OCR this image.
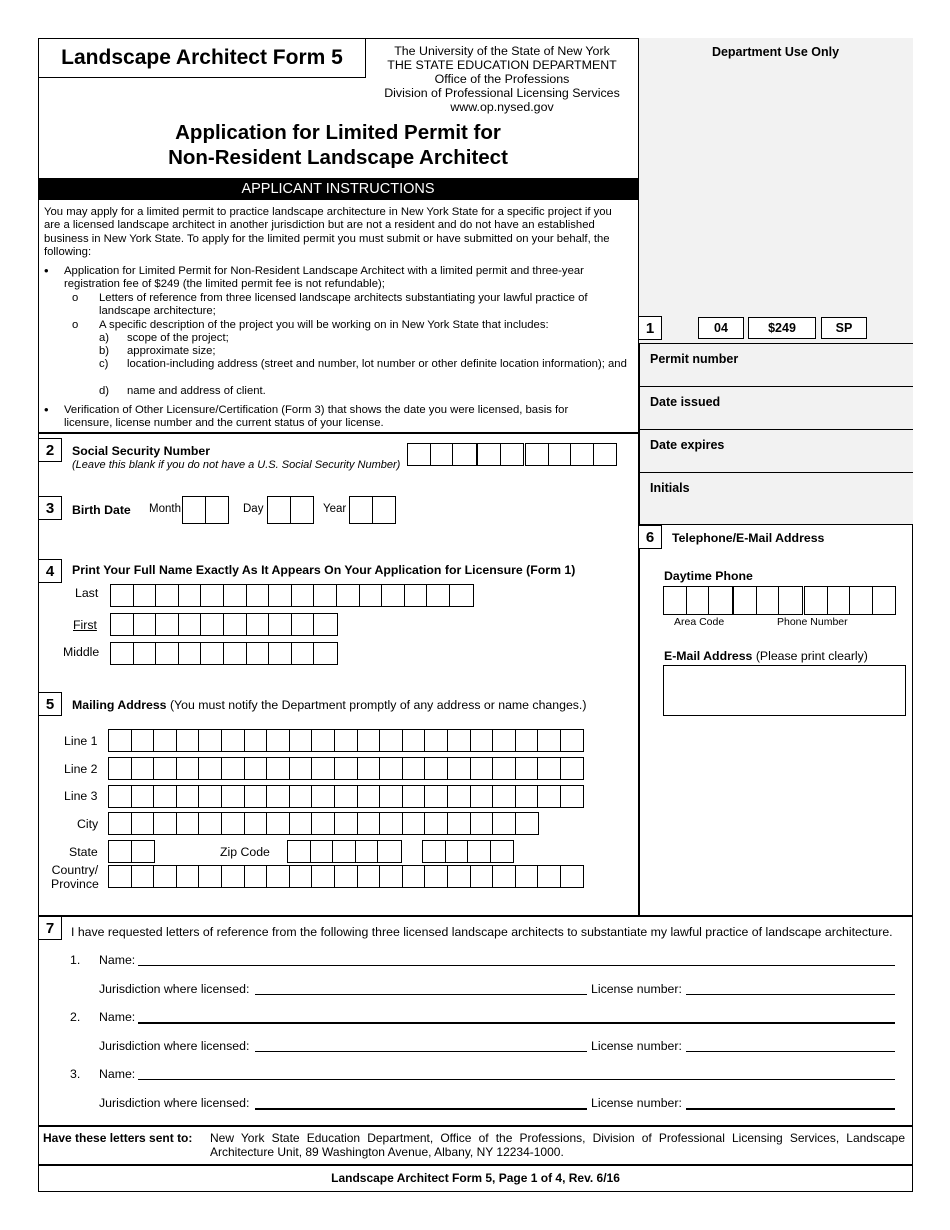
Department Use Only
Landscape Architect Form 5	The University of the State of New York
THE STATE EDUCATION DEPARTMENT
Office of the Professions
Division of Professional Licensing Services
www.op.nysed.gov
Application for Limited Permit for
Non-Resident Landscape Architect
APPLICANT INSTRUCTIONS
You may apply for a limited permit to practice landscape architecture in New York State for a specific project if you are a licensed landscape architect in another jurisdiction but are not a resident and do not have an established business in New York State. To apply for the limited permit you must submit or have submitted on your behalf, the following:
• Application for Limited Permit for Non-Resident Landscape Architect with a limited permit and three-year registration fee of $249 (the limited permit fee is not refundable);
o Letters of reference from three licensed landscape architects substantiating your lawful practice of landscape architecture;
o A specific description of the project you will be working on in New York State that includes:
a) scope of the project;
b) approximate size;
c) location-including address (street and number, lot number or other definite location information); and
d) name and address of client.
• Verification of Other Licensure/Certification (Form 3) that shows the date you were licensed, basis for licensure, license number and the current status of your license.
1	04	$249	SP
Permit number
Date issued
Date expires
Initials
2	Social Security Number
(Leave this blank if you do not have a U.S. Social Security Number)
3	Birth Date Month	Day	Year
6	Telephone/E-Mail Address
Daytime Phone
Area Code	Phone Number
E-Mail Address (Please print clearly)
4	Print Your Full Name Exactly As It Appears On Your Application for Licensure (Form 1)
Last
First
Middle
5	Mailing Address (You must notify the Department promptly of any address or name changes.)
Line 1
Line 2
Line 3
City
State	Zip Code
Country/
Province
7	I have requested letters of reference from the following three licensed landscape architects to substantiate my lawful practice of landscape architecture.
1. Name:
Jurisdiction where licensed:	License number:
2. Name:
Jurisdiction where licensed:	License number:
3. Name:
Jurisdiction where licensed:	License number:
Have these letters sent to: New York State Education Department, Office of the Professions, Division of Professional Licensing Services, Landscape Architecture Unit, 89 Washington Avenue, Albany, NY 12234-1000.
Landscape Architect Form 5, Page 1 of 4, Rev. 6/16
